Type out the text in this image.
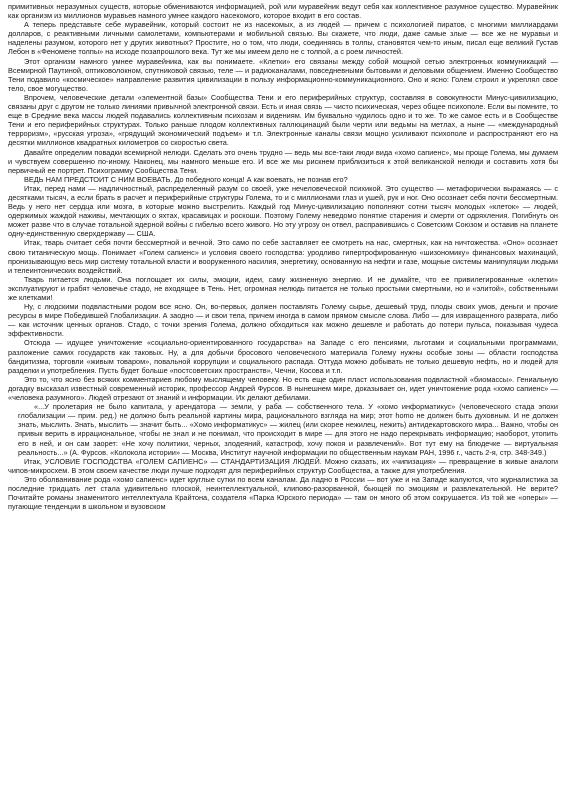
примитивных неразумных существ, которые обмениваются информацией, рой или муравейник ведут себя как коллективное разумное существо. Муравейник как организм из миллионов муравьев намного умнее каждого насекомого, которое входит в его состав.

А теперь представьте себе муравейник, который состоит не из насекомых, а из людей — причем с психологией пиратов, с многими миллиардами долларов, с реактивными личными самолетами, компьютерами и мобильной связью. Вы скажете, что люди, даже самые злые — все же не муравьи и наделены разумом, которого нет у других животных? Простите, но о том, что люди, соединяясь в толпы, становятся чем-то иным, писал еще великий Густав Лебон в «Феномене толпы» на исходе позапрошлого века. Тут же мы имеем дело не с толпой, а с роем личностей.

Этот организм намного умнее муравейника, как вы понимаете. «Клетки» его связаны между собой мощной сетью электронных коммуникаций — Всемирной Паутиной, оптиковолокном, спутниковой связью, теле — и радиоканалами, повседневными бытовыми и деловыми общением. Именно Сообщество Тени подавило «космическое» направление развития цивилизации в пользу информационно-коммуникационного. Оно и ясно: Голем строил и укреплял свое тело, свое могущество.

Впрочем, человеческие детали «элементной базы» Сообщества Тени и его периферийных структур, составляя в совокупности Минус-цивилизацию, связаны друг с другом не только линиями привычной электронной связи. Есть и иная связь — чисто психическая, через общее психополе. Если вы помните, то еще в Средние века массы людей подавались коллективным психозам и видениям. Им буквально чудилось одно и то же. То же самое есть и в Сообществе Тени и его периферийных структурах. Только раньше плодом коллективных галлюцинаций были черти или ведьмы на метлах, а ныне — «международный терроризм», «русская угроза», «грядущий экономический подъем» и т.п. Электронные каналы связи мощно усиливают психополе и распространяют его на десятки миллионов квадратных километров со скоростью света.

Давайте определим повадки всемирной нелюди. Сделать это очень трудно — ведь мы все-таки люди вида «хомо сапиенс», мы проще Голема, мы думаем и чувствуем совершенно по-иному. Наконец, мы намного меньше его. И все же мы рискнем приблизиться к этой великанской нелюди и составить хотя бы первичный ее портрет. Психограмму Сообщества Тени.

ВЕДЬ НАМ ПРЕДСТОИТ С НИМ ВОЕВАТЬ. До победного конца! А как воевать, не познав его?

Итак, перед нами — надличностный, распределенный разум со своей, уже нечеловеческой психикой. Это существо — метафорически выражаясь — с десятками тысяч, а если брать в расчет и периферийные структуры Голема, то и с миллионами глаз и ушей, рук и ног. Оно осознает себя почти бессмертным. Ведь у него нет сердца или мозга, в которые можно выстрелить. Каждый год Минус-цивилизацию пополняют сотни тысяч молодых «клеток» — людей, одержимых жаждой наживы, мечтающих о яхтах, красавицах и роскоши. Поэтому Голему неведомо понятие старения и смерти от одряхления. Погибнуть он может разве что в случае тотальной ядерной войны с гибелью всего живого. Но эту угрозу он отвел, расправившись с Советским Союзом и оставив на планете одну-единственную сверхдержаву — США.

Итак, тварь считает себя почти бессмертной и вечной. Это само по себе заставляет ее смотреть на нас, смертных, как на ничтожества. «Оно» осознает свою титаническую мощь. Понимает «Голем сапиенс» и условия своего господства: уродливо гипертрофированную «шизономику» финансовых махинаций, пронизывающую весь мир систему тотальной власти и вооруженного насилия, энергетику, основанную на нефти и газе, мощные системы манипуляции людьми и телеинтонических воздействий.

Тварь питается людьми. Она поглощает их силы, эмоции, идеи, саму жизненную энергию. И не думайте, что ее привилегированные «клетки» эксплуатируют и грабят человечье стадо, не входящее в Тень. Нет, огромная нелюдь питается не только простыми смертными, но и «элитой», собственными же клетками!

Ну, с людскими подвластными родом все ясно. Он, во-первых, должен поставлять Голему сырье, дешевый труд, плоды своих умов, деньги и прочие ресурсы в мире Победившей Глобализации. А заодно — и свои тела, причем иногда в самом прямом смысле слова. Либо — для извращенного разврата, либо — как источник ценных органов. Стадо, с точки зрения Голема, должно обходиться как можно дешевле и работать до потери пульса, показывая чудеса эффективности.

Отсюда — идущее уничтожение «социально-ориентированного государства» на Западе с его пенсиями, льготами и социальными программами, разложение самих государств как таковых. Ну, а для добычи бросового человеческого материала Голему нужны особые зоны — области господства бандитизма, торговли «живым товаром», повальной коррупции и социального распада. Оттуда можно добывать не только дешевую нефть, но и людей для разделки и употребления. Пусть будет больше «постсоветских пространств», Чечни, Косова и т.п.

Это то, что ясно без всяких комментариев любому мыслящему человеку. Но есть еще один пласт использования подвластной «биомассы». Гениальную догадку высказал известный современный историк, профессор Андрей Фурсов. В нынешнем мире, доказывает он, идет уничтожение рода «хомо сапиенс» — «человека разумного». Людей отрезают от знаний и информации. Их делают дебилами.

«...У пролетария не было капитала, у арендатора — земли, у раба — собственного тела. У «хомо информатикус» (человеческого стада эпохи глобализации — прим. ред.) не должно быть реальной картины мира, рационального взгляда на мир; этот homo не должен быть духовным. И не должен знать, мыслить. Знать, мыслить — значит быть... «Хомо информатикус» — жилец (или скорее нежилец, нежить) антидекартовского мира... Важно, чтобы он привык верить в иррациональное, чтобы не знал и не понимал, что происходит в мире — для этого не надо перекрывать информацию; наоборот, утопить его в ней, и он сам заорет: «Не хочу политики, черных, злодеяний, катастроф, хочу покоя и развлечений». Вот тут ему на блюдечке — виртуальная реальность...» (А. Фурсов. «Колокола истории» — Москва, Институт научной информации по общественным наукам РАН, 1996 г., часть 2-я, стр. 348-349.)

Итак, УСЛОВИЕ ГОСПОДСТВА «ГОЛЕМ САПИЕНС» — СТАНДАРТИЗАЦИЯ ЛЮДЕЙ. Можно сказать, их «чипизация» — превращение в живые аналоги чипов-микросхем. В этом своем качестве люди лучше подходят для периферийных структур Сообщества, а также для употребления.

Это оболванивание рода «хомо сапиенс» идет круглые сутки по всем каналам. Да ладно в России — вот уже и на Западе жалуются, что журналистика за последние тридцать лет стала удивительно плоской, неинтеллектуальной, клипово-разорванной, бьющей по эмоциям и развлекательной. Не верите? Почитайте романы знаменитого интеллектуала Крайтона, создателя «Парка Юрского периода» — там он много об этом сокрушается. Из той же «оперы» — пугающие тенденции в школьном и вузовском
